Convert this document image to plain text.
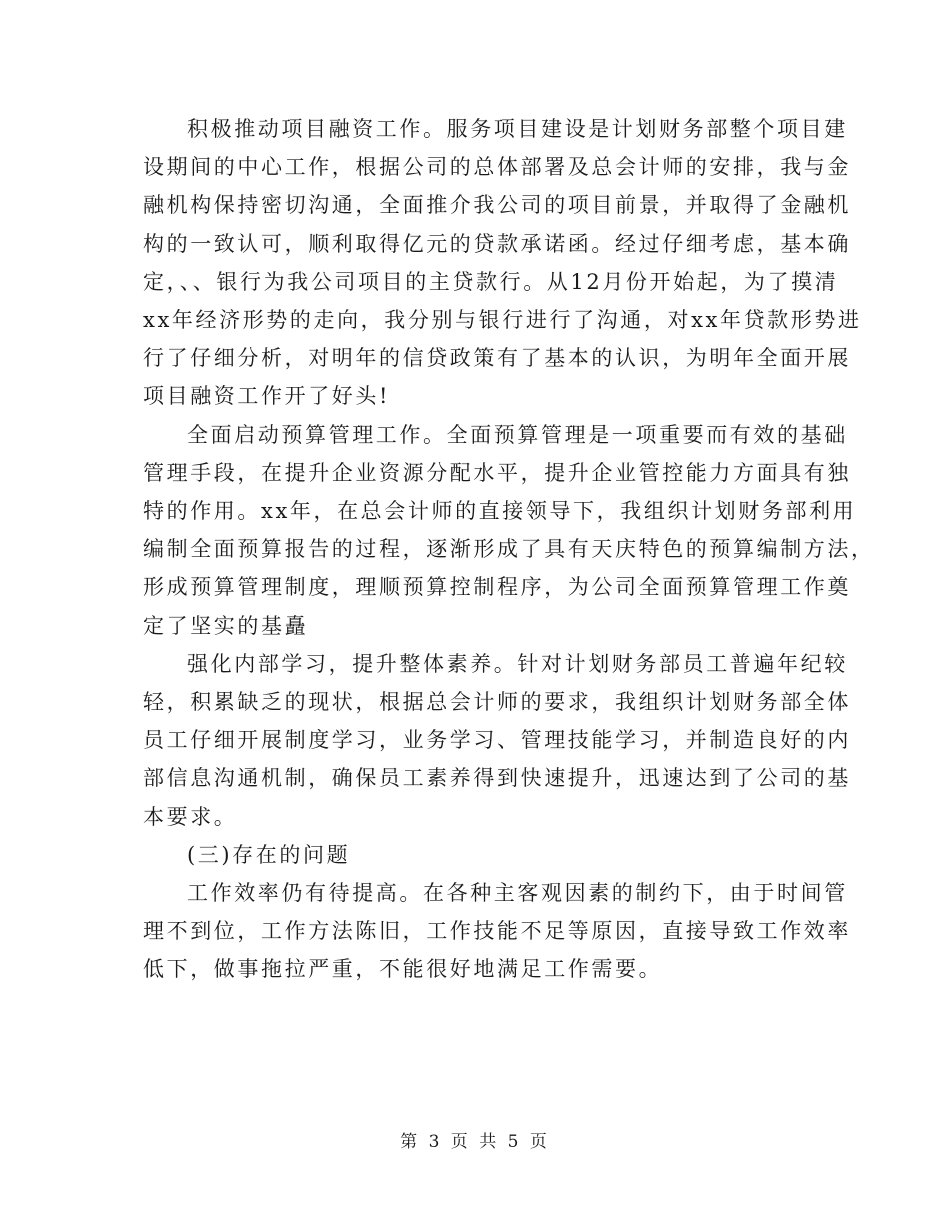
积极推动项目融资工作。服务项目建设是计划财务部整个项目建
设期间的中心工作，根据公司的总体部署及总会计师的安排，我与金
融机构保持密切沟通，全面推介我公司的项目前景，并取得了金融机
构的一致认可，顺利取得亿元的贷款承诺函。经过仔细考虑，基本确
定，、、银行为我公司项目的主贷款行。从12月份开始起，为了摸清
xx年经济形势的走向，我分别与银行进行了沟通，对xx年贷款形势进
行了仔细分析，对明年的信贷政策有了基本的认识，为明年全面开展
项目融资工作开了好头!

全面启动预算管理工作。全面预算管理是一项重要而有效的基础
管理手段，在提升企业资源分配水平，提升企业管控能力方面具有独
特的作用。xx年，在总会计师的直接领导下，我组织计划财务部利用
编制全面预算报告的过程，逐渐形成了具有天庆特色的预算编制方法，
形成预算管理制度，理顺预算控制程序，为公司全面预算管理工作奠
定了坚实的基矗

强化内部学习，提升整体素养。针对计划财务部员工普遍年纪较
轻，积累缺乏的现状，根据总会计师的要求，我组织计划财务部全体
员工仔细开展制度学习，业务学习、管理技能学习，并制造良好的内
部信息沟通机制，确保员工素养得到快速提升，迅速达到了公司的基
本要求。

(三)存在的问题

工作效率仍有待提高。在各种主客观因素的制约下，由于时间管
理不到位，工作方法陈旧，工作技能不足等原因，直接导致工作效率
低下，做事拖拉严重，不能很好地满足工作需要。

第 3 页 共 5 页
